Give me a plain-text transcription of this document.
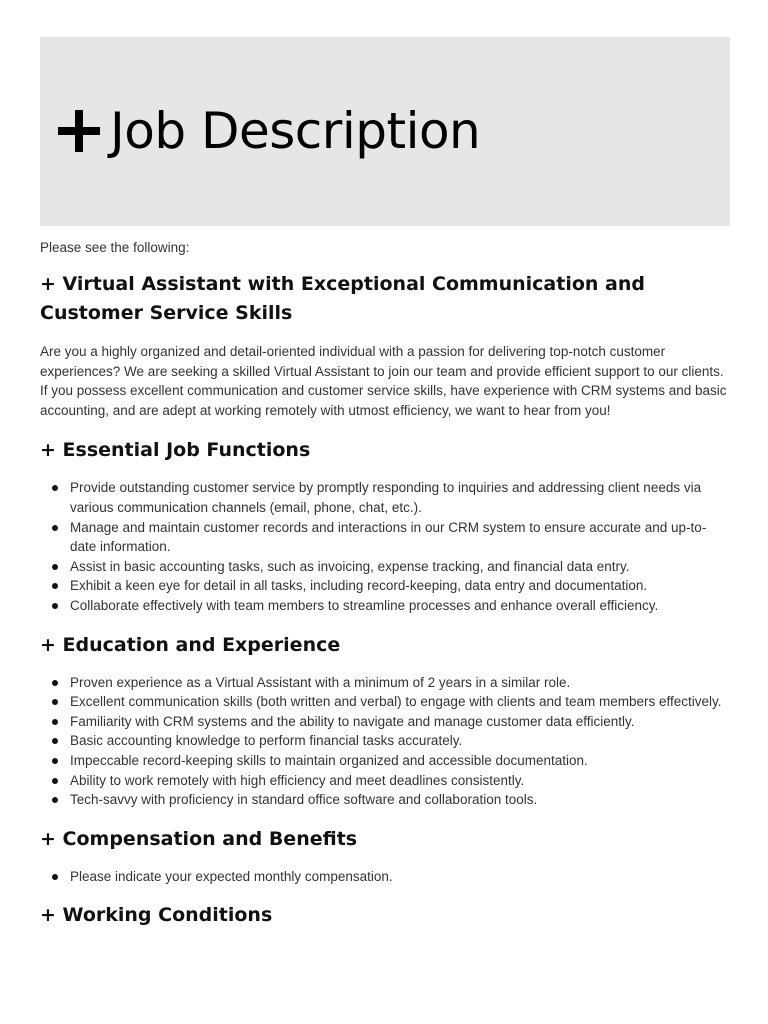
Job Description

Please see the following:

+ Virtual Assistant with Exceptional Communication and Customer Service Skills

Are you a highly organized and detail-oriented individual with a passion for delivering top-notch customer experiences? We are seeking a skilled Virtual Assistant to join our team and provide efficient support to our clients. If you possess excellent communication and customer service skills, have experience with CRM systems and basic accounting, and are adept at working remotely with utmost efficiency, we want to hear from you!

+ Essential Job Functions
Provide outstanding customer service by promptly responding to inquiries and addressing client needs via various communication channels (email, phone, chat, etc.).
Manage and maintain customer records and interactions in our CRM system to ensure accurate and up-to-date information.
Assist in basic accounting tasks, such as invoicing, expense tracking, and financial data entry.
Exhibit a keen eye for detail in all tasks, including record-keeping, data entry and documentation.
Collaborate effectively with team members to streamline processes and enhance overall efficiency.
+ Education and Experience
Proven experience as a Virtual Assistant with a minimum of 2 years in a similar role.
Excellent communication skills (both written and verbal) to engage with clients and team members effectively.
Familiarity with CRM systems and the ability to navigate and manage customer data efficiently.
Basic accounting knowledge to perform financial tasks accurately.
Impeccable record-keeping skills to maintain organized and accessible documentation.
Ability to work remotely with high efficiency and meet deadlines consistently.
Tech-savvy with proficiency in standard office software and collaboration tools.
+ Compensation and Benefits
Please indicate your expected monthly compensation.
+ Working Conditions
